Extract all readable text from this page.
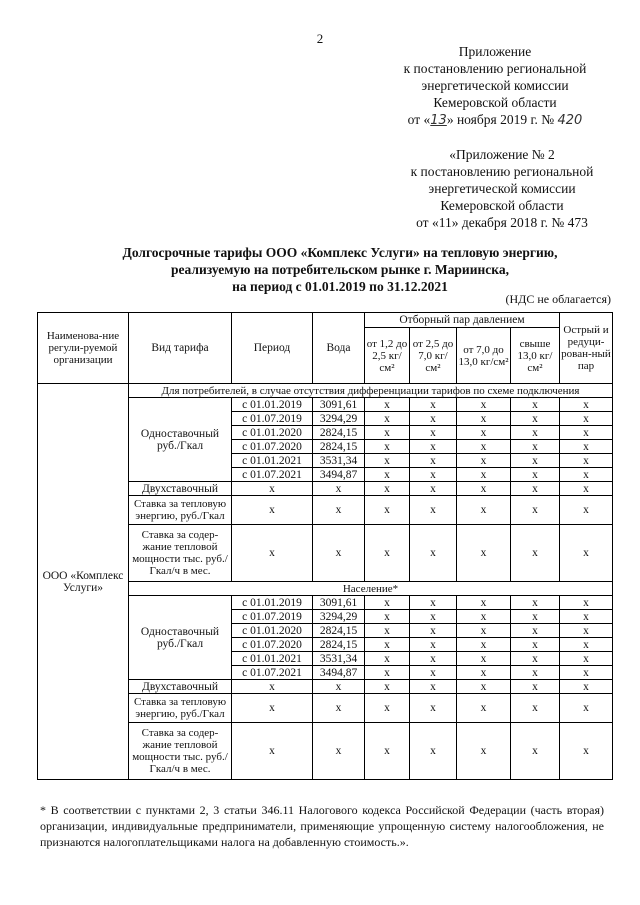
2
Приложение
к постановлению региональной
энергетической комиссии
Кемеровской области
от «13» ноября 2019 г. № 420
«Приложение № 2
к постановлению региональной
энергетической комиссии
Кемеровской области
от «11» декабря 2018 г. № 473
Долгосрочные тарифы ООО «Комплекс Услуги» на тепловую энергию,
реализуемую на потребительском рынке г. Мариинска,
на период с 01.01.2019 по 31.12.2021
(НДС не облагается)
Наименова-ние регули-руемой организации	Вид тарифа	Период	Вода	Отборный пар давлением				Острый и редуци-рован-ный пар
				от 1,2 до 2,5 кг/см²	от 2,5 до 7,0 кг/см²	от 7,0 до 13,0 кг/см²	свыше 13,0 кг/см²	
ООО «Комплекс Услуги»	Для потребителей, в случае отсутствия дифференциации тарифов по схеме подключения							
	Одноставочный руб./Гкал	с 01.01.2019	3091,61	х	х	х	х	х
		с 01.07.2019	3294,29	х	х	х	х	х
		с 01.01.2020	2824,15	х	х	х	х	х
		с 01.07.2020	2824,15	х	х	х	х	х
		с 01.01.2021	3531,34	х	х	х	х	х
		с 01.07.2021	3494,87	х	х	х	х	х
	Двухставочный	х	х	х	х	х	х	х
	Ставка за тепловую энергию, руб./Гкал	х	х	х	х	х	х	х
	Ставка за содер-жание тепловой мощности тыс. руб./Гкал/ч в мес.	х	х	х	х	х	х	х
	Население*							
	Одноставочный руб./Гкал	с 01.01.2019	3091,61	х	х	х	х	х
		с 01.07.2019	3294,29	х	х	х	х	х
		с 01.01.2020	2824,15	х	х	х	х	х
		с 01.07.2020	2824,15	х	х	х	х	х
		с 01.01.2021	3531,34	х	х	х	х	х
		с 01.07.2021	3494,87	х	х	х	х	х
	Двухставочный	х	х	х	х	х	х	х
	Ставка за тепловую энергию, руб./Гкал	х	х	х	х	х	х	х
	Ставка за содер-жание тепловой мощности тыс. руб./Гкал/ч в мес.	х	х	х	х	х	х	х
* В соответствии с пунктами 2, 3 статьи 346.11 Налогового кодекса Российской Федерации (часть вторая) организации, индивидуальные предприниматели, применяющие упрощенную систему налогообложения, не признаются налогоплательщиками налога на добавленную стоимость.».
